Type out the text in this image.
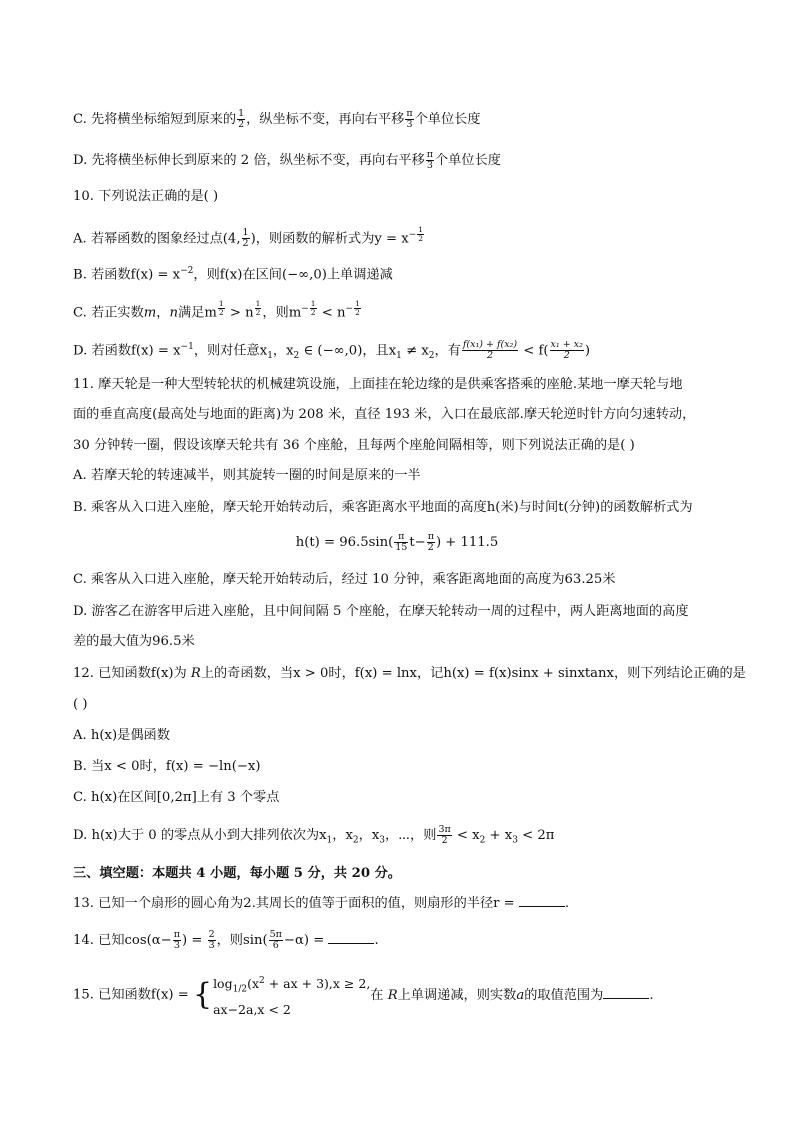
C. 先将横坐标缩短到原来的 $\frac{1}{2}$ ，纵坐标不变，再向右平移 $\frac{\pi}{3}$ 个单位长度
D. 先将横坐标伸长到原来的 2 倍，纵坐标不变，再向右平移 $\frac{\pi}{3}$ 个单位长度
10. 下列说法正确的是( )
A. 若幂函数的图象经过点(4, $\frac{1}{2}$ )，则函数的解析式为$y = x^{- \frac{1}{2}}$
B. 若函数$f(x) = x^{-2}$，则f(x)在区间(−∞,0)上单调递减
C. 若正实数m，n满足m $^{\frac{1}{2}}$ > n $^{\frac{1}{2}}$ ，则$m^{- \frac{1}{2}} < n^{- \frac{1}{2}}$
D. 若函数$f(x) = x^{-1}$，则对任意$x_1$，$x_2$ ∈ (−∞,0)，且$x_1 \ne x_2$，有 $\frac{\text{f(x₁) + f(x₂)}}{2} < f( \frac{\text{x₁ + x₂}}{2}$ )
11. 摩天轮是一种大型转轮状的机械建筑设施，上面挂在轮边缘的是供乘客搭乘的座舱.某地一摩天轮与地
面的垂直高度(最高处与地面的距离)为 208 米，直径 193 米，入口在最底部.摩天轮逆时针方向匀速转动，
30 分钟转一圈，假设该摩天轮共有 36 个座舱，且每两个座舱间隔相等，则下列说法正确的是( )
A. 若摩天轮的转速减半，则其旋转一圈的时间是原来的一半
B. 乘客从入口进入座舱，摩天轮开始转动后，乘客距离水平地面的高度h(米)与时间t(分钟)的函数解析式为
$h(t) = 96.5\sin( \frac{\pi}{15} t- \frac{\pi}{2}$ ) + 111.5
C. 乘客从入口进入座舱，摩天轮开始转动后，经过 10 分钟，乘客距离地面的高度为63.25米
D. 游客乙在游客甲后进入座舱，且中间间隔 5 个座舱，在摩天轮转动一周的过程中，两人距离地面的高度
差的最大值为96.5米
12. 已知函数f(x)为 R上的奇函数，当x > 0时，f(x) = lnx，记h(x) = f(x)sinx + sinxtanx，则下列结论正确的是
( )
A. h(x)是偶函数
B. 当x < 0时，f(x) = −ln(−x)
C. h(x)在区间[0,2π]上有 3 个零点
D. h(x)大于 0 的零点从小到大排列依次为$x_1$，$x_2$，$x_3$，⋯，则 $\frac{3\pi}{2} < x_2 + x_3 < 2\pi$
三、填空题：本题共 4 小题，每小题 5 分，共 20 分。
13. 已知一个扇形的圆心角为2.其周长的值等于面积的值，则扇形的半径r =	.
14. 已知$\cos(\alpha- \frac{\pi}{3}$ ) = $\frac{2}{3}$ ，则$\sin( \frac{5\pi}{6} -\alpha)$ =	.
15. 已知函数f(x) = { $\log_{1/2}(x^2$ + ax + 3),x ≥ 2,
ax−2a,x < 2
在 R上单调递减，则实数a的取值范围为	.
